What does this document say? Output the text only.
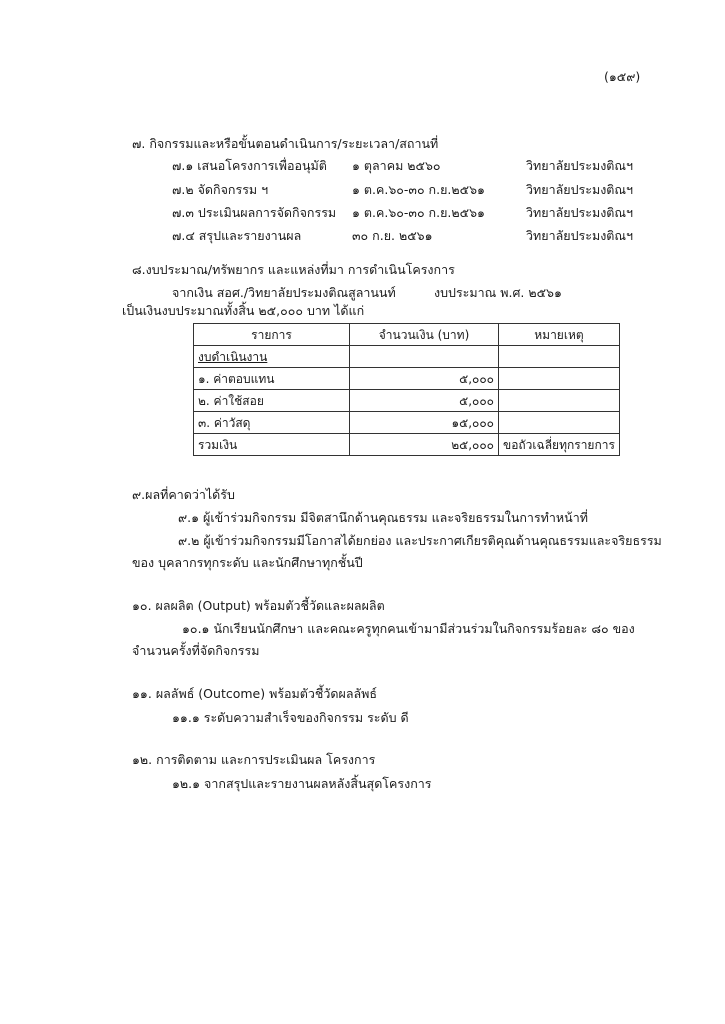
(๑๕๙)
๗. กิจกรรมและหรือขั้นตอนดำเนินการ/ระยะเวลา/สถานที่
๗.๑ เสนอโครงการเพื่ออนุมัติ ๑ ตุลาคม ๒๕๖๐	วิทยาลัยประมงติณฯ
๗.๒ จัดกิจกรรม ฯ	๑ ต.ค.๖๐-๓๐ ก.ย.๒๕๖๑	วิทยาลัยประมงติณฯ
๗.๓ ประเมินผลการจัดกิจกรรม ๑ ต.ค.๖๐-๓๐ ก.ย.๒๕๖๑	วิทยาลัยประมงติณฯ
๗.๔ สรุปและรายงานผล	๓๐ ก.ย. ๒๕๖๑	วิทยาลัยประมงติณฯ
๘.งบประมาณ/ทรัพยากร และแหล่งที่มา การดำเนินโครงการ
จากเงิน สอศ./วิทยาลัยประมงติณสูลานนท์	งบประมาณ พ.ศ. ๒๕๖๑
เป็นเงินงบประมาณทั้งสิ้น ๒๕,๐๐๐ บาท ได้แก่
รายการ	จำนวนเงิน (บาท)	หมายเหตุ
งบดำเนินงาน		
๑. ค่าตอบแทน	๕,๐๐๐	
๒. ค่าใช้สอย	๕,๐๐๐	
๓. ค่าวัสดุ	๑๕,๐๐๐	
รวมเงิน	๒๕,๐๐๐	ขอถัวเฉลี่ยทุกรายการ
๙.ผลที่คาดว่าได้รับ
๙.๑ ผู้เข้าร่วมกิจกรรม มีจิตสานึกด้านคุณธรรม และจริยธรรมในการทำหน้าที่
๙.๒ ผู้เข้าร่วมกิจกรรมมีโอกาสได้ยกย่อง และประกาศเกียรติคุณด้านคุณธรรมและจริยธรรม
ของ บุคลากรทุกระดับ และนักศึกษาทุกชั้นปี
๑๐. ผลผลิต (Output) พร้อมตัวชี้วัดและผลผลิต
๑๐.๑ นักเรียนนักศึกษา และคณะครูทุกคนเข้ามามีส่วนร่วมในกิจกรรมร้อยละ ๘๐ ของ
จำนวนครั้งที่จัดกิจกรรม
๑๑. ผลลัพธ์ (Outcome) พร้อมตัวชี้วัดผลลัพธ์
๑๑.๑ ระดับความสำเร็จของกิจกรรม ระดับ ดี
๑๒. การติดตาม และการประเมินผล โครงการ
๑๒.๑ จากสรุปและรายงานผลหลังสิ้นสุดโครงการ
